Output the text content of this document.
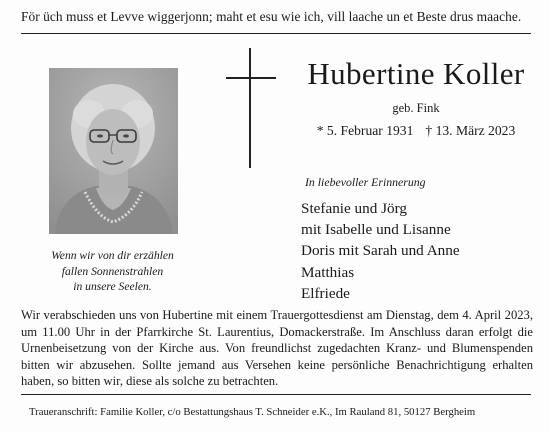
För üch muss et Levve wiggerjonn; maht et esu wie ich, vill laache un et Beste drus maache.
Wenn wir von dir erzählen
fallen Sonnenstrahlen
in unsere Seelen.
Hubertine Koller
geb. Fink
* 5. Februar 1931 † 13. März 2023
In liebevoller Erinnerung
Stefanie und Jörg
mit Isabelle und Lisanne
Doris mit Sarah und Anne
Matthias
Elfriede
Wir verabschieden uns von Hubertine mit einem Trauergottesdienst am Dienstag, dem 4. April 2023, um 11.00 Uhr in der Pfarrkirche St. Laurentius, Domackerstraße. Im Anschluss daran erfolgt die Urnenbeisetzung von der Kirche aus. Von freundlichst zugedachten Kranz- und Blumenspenden bitten wir abzusehen. Sollte jemand aus Versehen keine persönliche Benachrichtigung erhalten haben, so bitten wir, diese als solche zu betrachten.
Traueranschrift: Familie Koller, c/o Bestattungshaus T. Schneider e.K., Im Rauland 81, 50127 Bergheim
